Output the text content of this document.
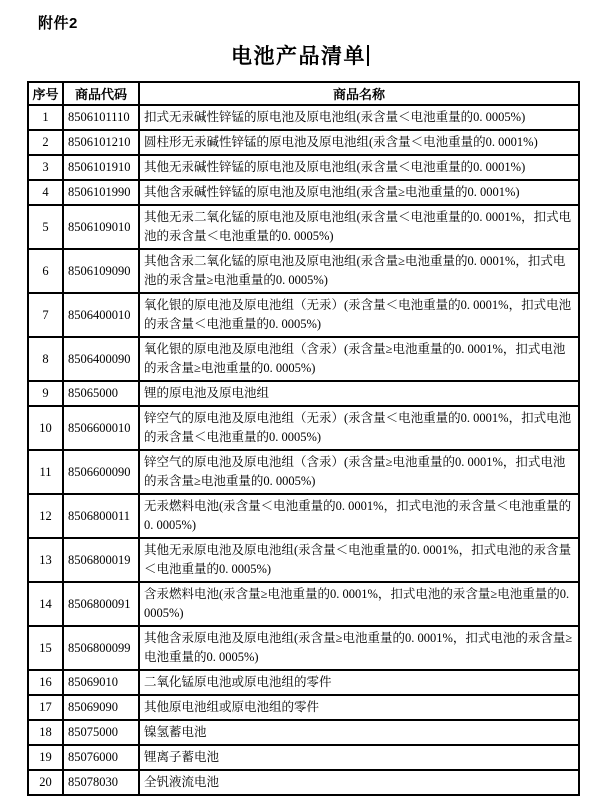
附件2
电池产品清单
序号	商品代码	商品名称
1	8506101110	扣式无汞碱性锌锰的原电池及原电池组(汞含量＜电池重量的0. 0005%)
2	8506101210	圆柱形无汞碱性锌锰的原电池及原电池组(汞含量＜电池重量的0. 0001%)
3	8506101910	其他无汞碱性锌锰的原电池及原电池组(汞含量＜电池重量的0. 0001%)
4	8506101990	其他含汞碱性锌锰的原电池及原电池组(汞含量≥电池重量的0. 0001%)
5	8506109010	其他无汞二氧化锰的原电池及原电池组(汞含量＜电池重量的0. 0001%，扣式电池的汞含量＜电池重量的0. 0005%)
6	8506109090	其他含汞二氧化锰的原电池及原电池组(汞含量≥电池重量的0. 0001%，扣式电池的汞含量≥电池重量的0. 0005%)
7	8506400010	氧化银的原电池及原电池组（无汞）(汞含量＜电池重量的0. 0001%，扣式电池的汞含量＜电池重量的0. 0005%)
8	8506400090	氧化银的原电池及原电池组（含汞）(汞含量≥电池重量的0. 0001%，扣式电池的汞含量≥电池重量的0. 0005%)
9	85065000	锂的原电池及原电池组
10	8506600010	锌空气的原电池及原电池组（无汞）(汞含量＜电池重量的0. 0001%，扣式电池的汞含量＜电池重量的0. 0005%)
11	8506600090	锌空气的原电池及原电池组（含汞）(汞含量≥电池重量的0. 0001%，扣式电池的汞含量≥电池重量的0. 0005%)
12	8506800011	无汞燃料电池(汞含量＜电池重量的0. 0001%，扣式电池的汞含量＜电池重量的0. 0005%)
13	8506800019	其他无汞原电池及原电池组(汞含量＜电池重量的0. 0001%，扣式电池的汞含量＜电池重量的0. 0005%)
14	8506800091	含汞燃料电池(汞含量≥电池重量的0. 0001%，扣式电池的汞含量≥电池重量的0. 0005%)
15	8506800099	其他含汞原电池及原电池组(汞含量≥电池重量的0. 0001%，扣式电池的汞含量≥电池重量的0. 0005%)
16	85069010	二氧化锰原电池或原电池组的零件
17	85069090	其他原电池组或原电池组的零件
18	85075000	镍氢蓄电池
19	85076000	锂离子蓄电池
20	85078030	全钒液流电池
